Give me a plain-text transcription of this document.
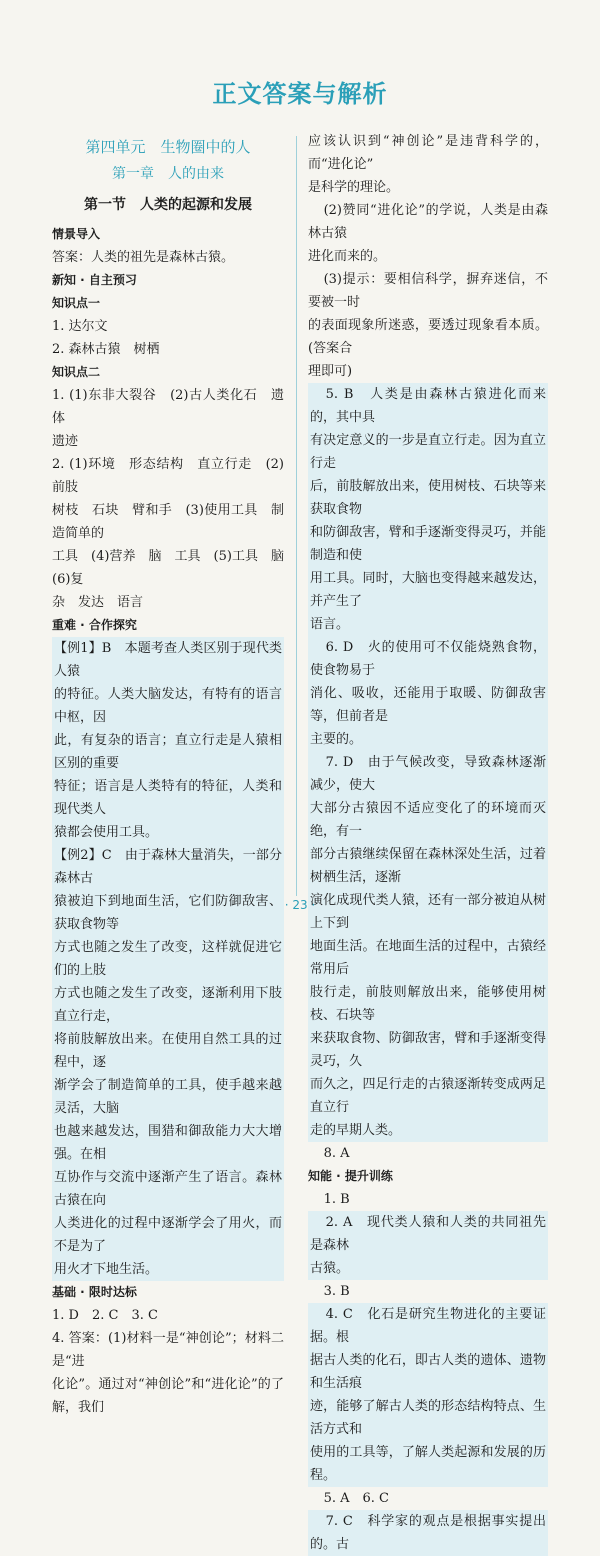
正文答案与解析
第四单元　生物圈中的人
第一章　人的由来
第一节　人类的起源和发展
情景导入
答案：人类的祖先是森林古猿。
新知 · 自主预习
知识点一
1. 达尔文
2. 森林古猿　树栖
知识点二
1. (1)东非大裂谷　(2)古人类化石　遗体
遗迹
2. (1)环境　形态结构　直立行走　(2)前肢
树枝　石块　臂和手　(3)使用工具　制造简单的
工具　(4)营养　脑　工具　(5)工具　脑　(6)复
杂　发达　语言
重难 · 合作探究
【例1】B　本题考查人类区别于现代类人猿
的特征。人类大脑发达，有特有的语言中枢，因
此，有复杂的语言；直立行走是人猿相区别的重要
特征；语言是人类特有的特征，人类和现代类人
猿都会使用工具。
【例2】C　由于森林大量消失，一部分森林古
猿被迫下到地面生活，它们防御敌害、获取食物等
方式也随之发生了改变，这样就促进它们的上肢
方式也随之发生了改变，逐渐利用下肢直立行走，
将前肢解放出来。在使用自然工具的过程中，逐
渐学会了制造简单的工具，使手越来越灵活，大脑
也越来越发达，围猎和御敌能力大大增强。在相
互协作与交流中逐渐产生了语言。森林古猿在向
人类进化的过程中逐渐学会了用火，而不是为了
用火才下地生活。
基础 · 限时达标
1. D　2. C　3. C
4. 答案：(1)材料一是“神创论”；材料二是“进
化论”。通过对“神创论”和“进化论”的了解，我们
应该认识到“神创论”是违背科学的，而“进化论”
是科学的理论。
(2)赞同“进化论”的学说，人类是由森林古猿
进化而来的。
(3)提示：要相信科学，摒弃迷信，不要被一时
的表面现象所迷惑，要透过现象看本质。(答案合
理即可)
5. B　人类是由森林古猿进化而来的，其中具
有决定意义的一步是直立行走。因为直立行走
后，前肢解放出来，使用树枝、石块等来获取食物
和防御敌害，臂和手逐渐变得灵巧，并能制造和使
用工具。同时，大脑也变得越来越发达，并产生了
语言。
6. D　火的使用可不仅能烧熟食物，使食物易于
消化、吸收，还能用于取暖、防御敌害等，但前者是
主要的。
7. D　由于气候改变，导致森林逐渐减少，使大
大部分古猿因不适应变化了的环境而灭绝，有一
部分古猿继续保留在森林深处生活，过着树栖生活，逐渐
演化成现代类人猿，还有一部分被迫从树上下到
地面生活。在地面生活的过程中，古猿经常用后
肢行走，前肢则解放出来，能够使用树枝、石块等
来获取食物、防御敌害，臂和手逐渐变得灵巧，久
而久之，四足行走的古猿逐渐转变成两足直立行
走的早期人类。
8. A
知能 · 提升训练
1. B
2. A　现代类人猿和人类的共同祖先是森林
古猿。
3. B
4. C　化石是研究生物进化的主要证据。根
据古人类的化石，即古人类的遗体、遗物和生活痕
迹，能够了解古人类的形态结构特点、生活方式和
使用的工具等，了解人类起源和发展的历程。
5. A　6. C
7. C　科学家的观点是根据事实提出的。古
· 23 ·
